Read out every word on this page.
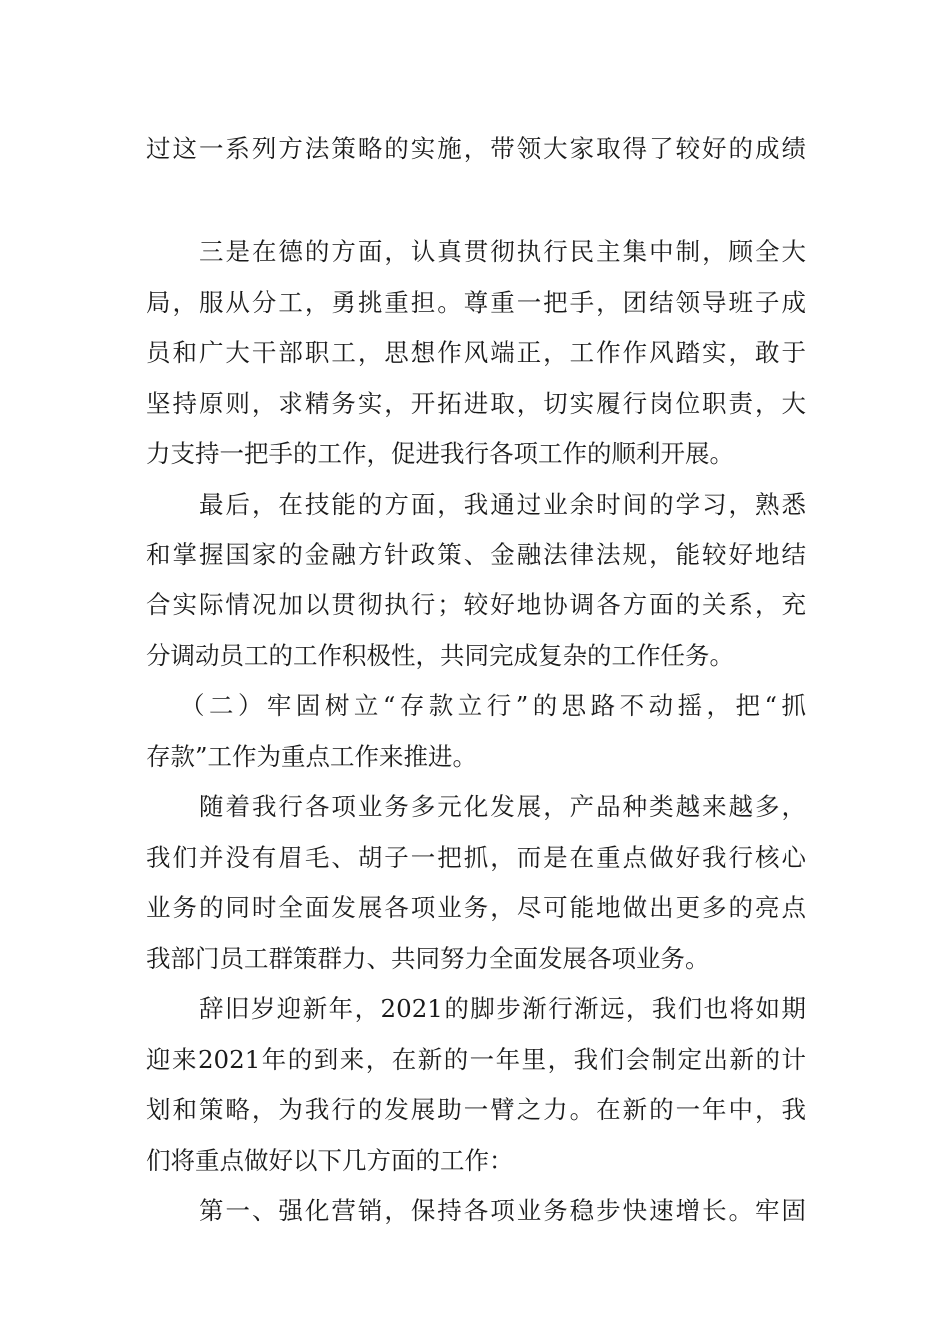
过这一系列方法策略的实施，带领大家取得了较好的成绩
三是在德的方面，认真贯彻执行民主集中制，顾全大
局，服从分工，勇挑重担。尊重一把手，团结领导班子成
员和广大干部职工，思想作风端正，工作作风踏实，敢于
坚持原则，求精务实，开拓进取，切实履行岗位职责，大
力支持一把手的工作，促进我行各项工作的顺利开展。
最后，在技能的方面，我通过业余时间的学习，熟悉
和掌握国家的金融方针政策、金融法律法规，能较好地结
合实际情况加以贯彻执行；较好地协调各方面的关系，充
分调动员工的工作积极性，共同完成复杂的工作任务。
（二）牢固树立“存款立行”的思路不动摇，把“抓
存款”工作为重点工作来推进。
随着我行各项业务多元化发展，产品种类越来越多，
我们并没有眉毛、胡子一把抓，而是在重点做好我行核心
业务的同时全面发展各项业务，尽可能地做出更多的亮点
我部门员工群策群力、共同努力全面发展各项业务。
辞旧岁迎新年，2021的脚步渐行渐远，我们也将如期
迎来2021年的到来，在新的一年里，我们会制定出新的计
划和策略，为我行的发展助一臂之力。在新的一年中，我
们将重点做好以下几方面的工作：
第一、强化营销，保持各项业务稳步快速增长。牢固
